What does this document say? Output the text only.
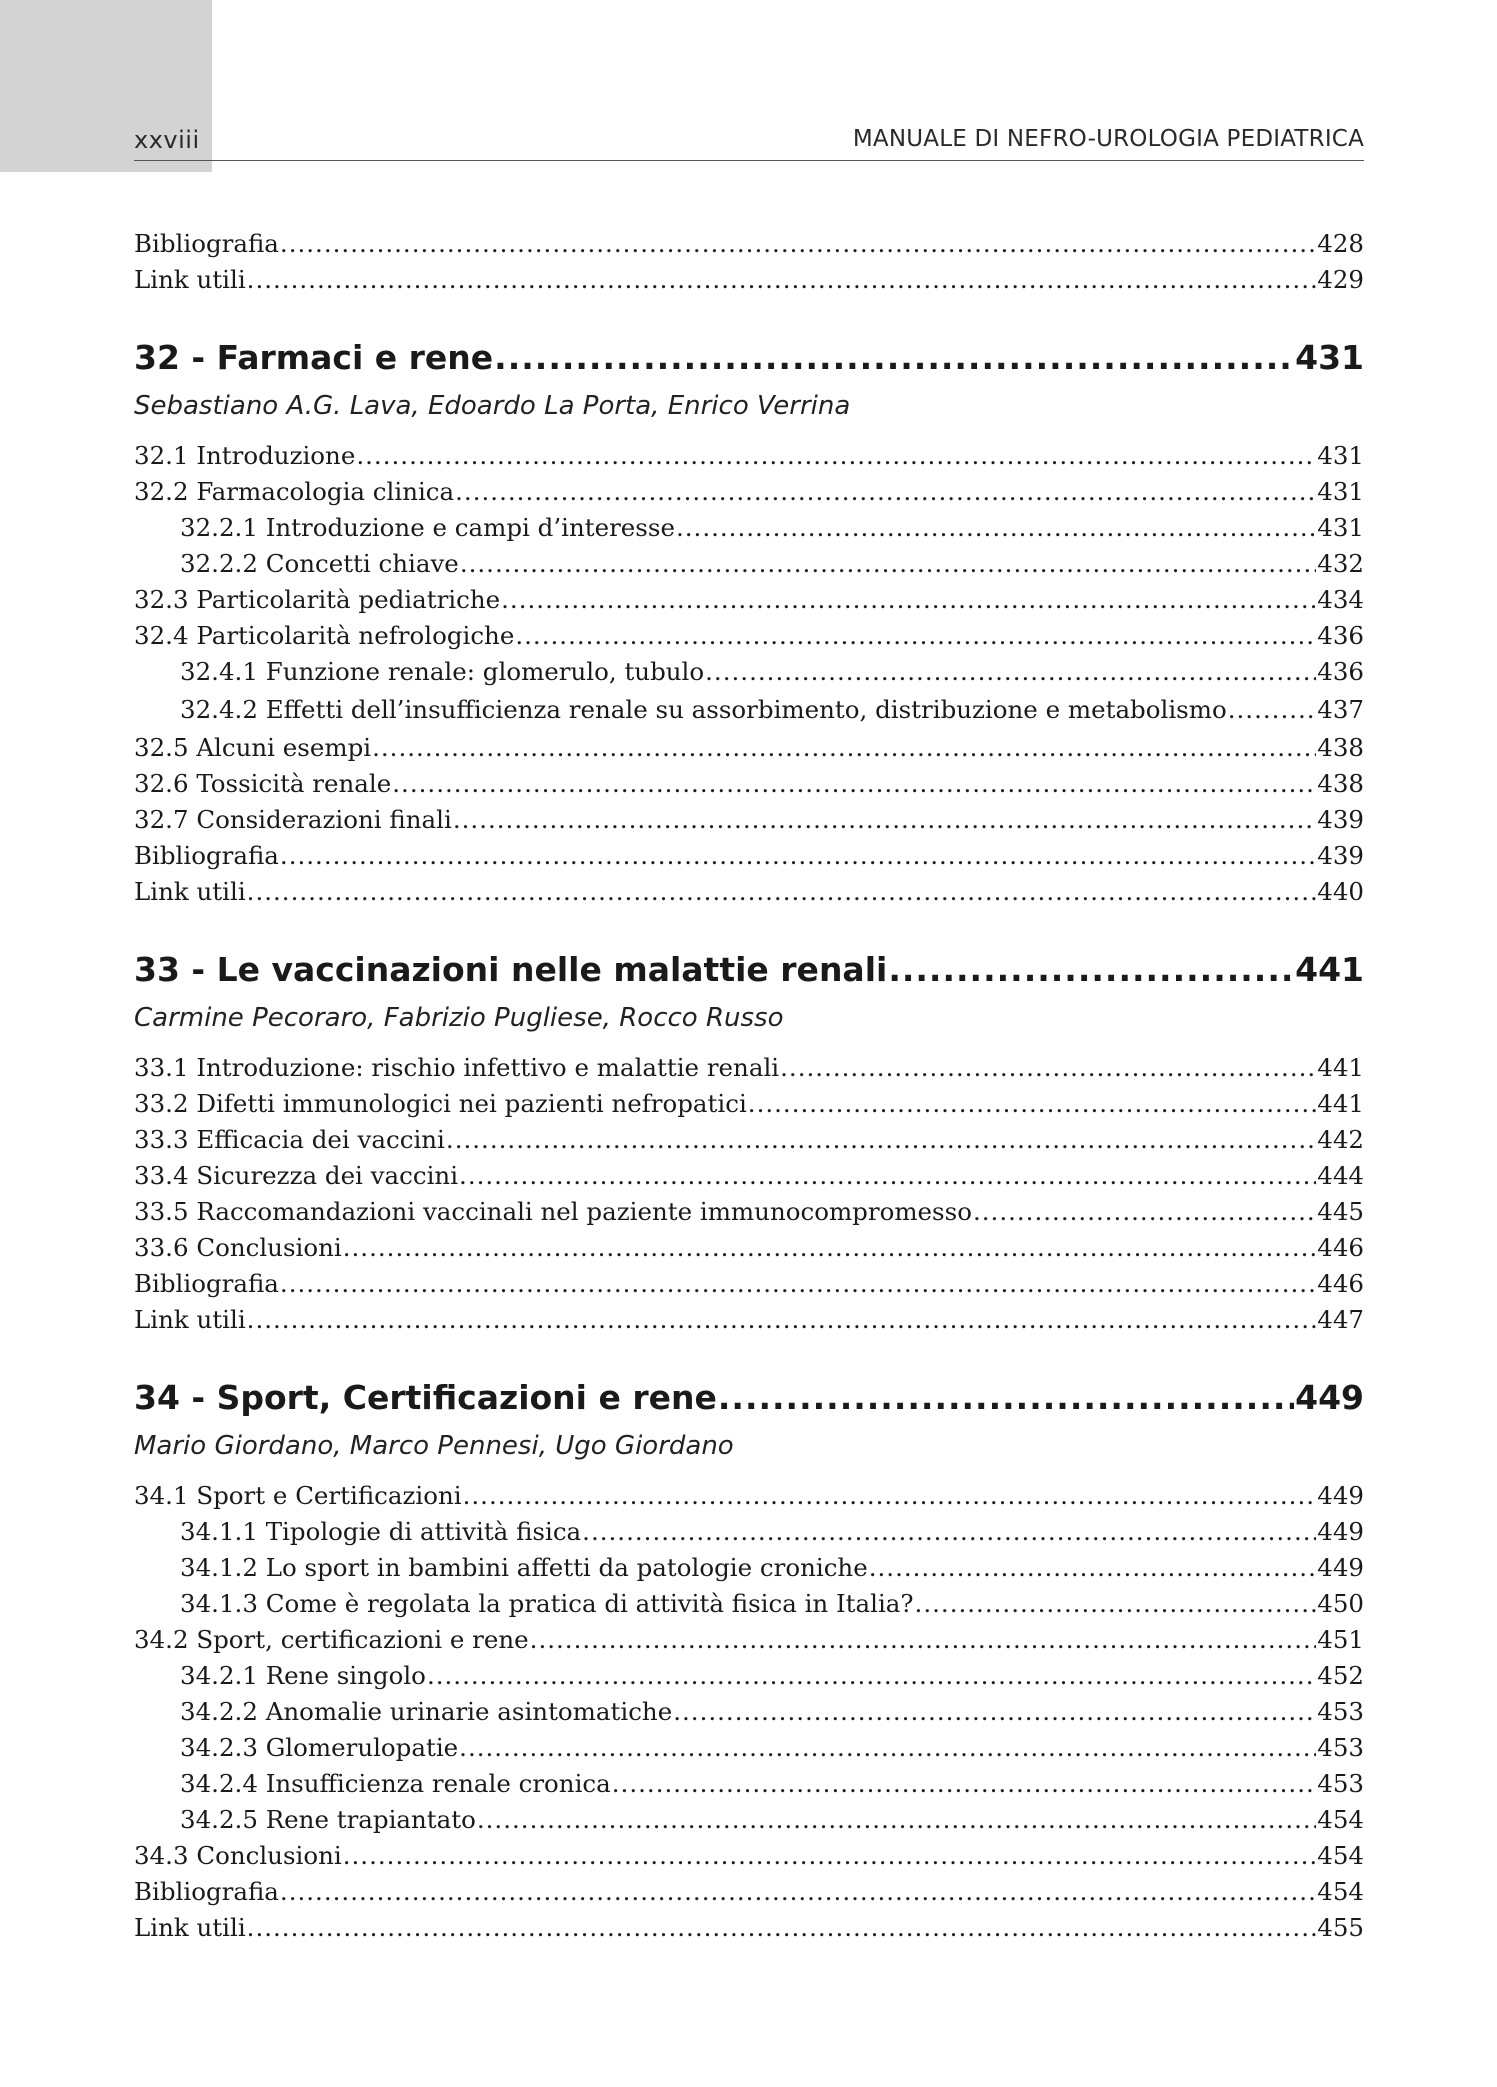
xxviii	MANUALE DI NEFRO-UROLOGIA PEDIATRICA
Bibliografia .....	428
Link utili .....	429
32 - Farmaci e rene .....	431
Sebastiano A.G. Lava, Edoardo La Porta, Enrico Verrina
32.1 Introduzione .....	431
32.2 Farmacologia clinica .....	431
32.2.1 Introduzione e campi d’interesse .....	431
32.2.2 Concetti chiave .....	432
32.3 Particolarità pediatriche .....	434
32.4 Particolarità nefrologiche .....	436
32.4.1 Funzione renale: glomerulo, tubulo .....	436
32.4.2 Effetti dell’insufficienza renale su assorbimento, distribuzione e metabolismo .....	437
32.5 Alcuni esempi .....	438
32.6 Tossicità renale .....	438
32.7 Considerazioni finali .....	439
Bibliografia .....	439
Link utili .....	440
33 - Le vaccinazioni nelle malattie renali .....	441
Carmine Pecoraro, Fabrizio Pugliese, Rocco Russo
33.1 Introduzione: rischio infettivo e malattie renali .....	441
33.2 Difetti immunologici nei pazienti nefropatici .....	441
33.3 Efficacia dei vaccini .....	442
33.4 Sicurezza dei vaccini .....	444
33.5 Raccomandazioni vaccinali nel paziente immunocompromesso .....	445
33.6 Conclusioni .....	446
Bibliografia .....	446
Link utili .....	447
34 - Sport, Certificazioni e rene .....	449
Mario Giordano, Marco Pennesi, Ugo Giordano
34.1 Sport e Certificazioni .....	449
34.1.1 Tipologie di attività fisica .....	449
34.1.2 Lo sport in bambini affetti da patologie croniche .....	449
34.1.3 Come è regolata la pratica di attività fisica in Italia? .....	450
34.2 Sport, certificazioni e rene .....	451
34.2.1 Rene singolo .....	452
34.2.2 Anomalie urinarie asintomatiche .....	453
34.2.3 Glomerulopatie .....	453
34.2.4 Insufficienza renale cronica .....	453
34.2.5 Rene trapiantato .....	454
34.3 Conclusioni .....	454
Bibliografia .....	454
Link utili .....	455
